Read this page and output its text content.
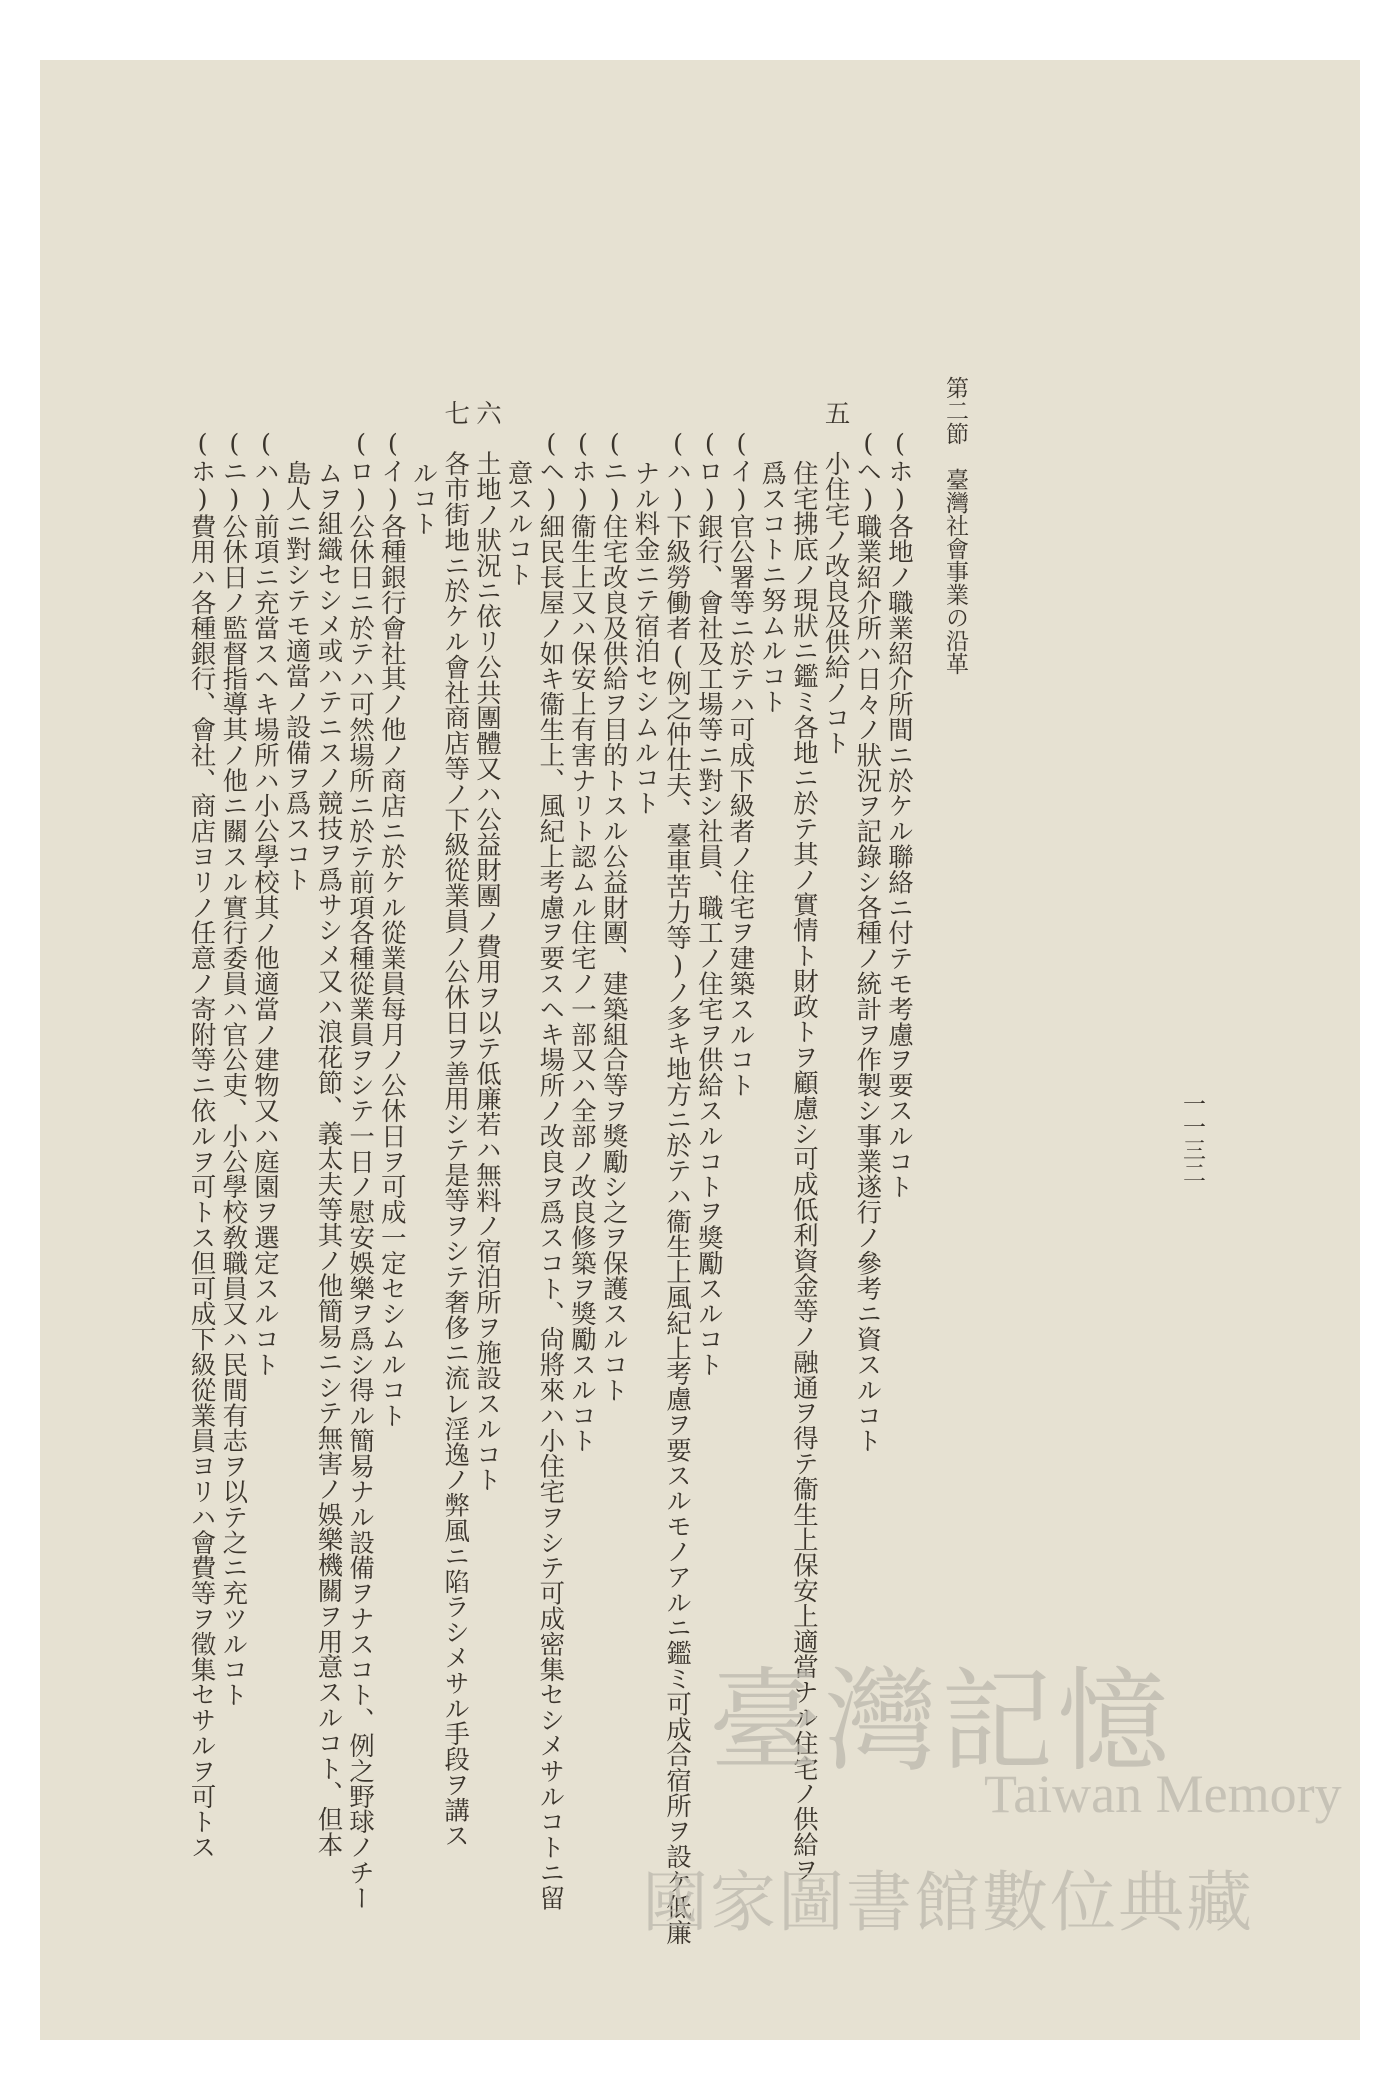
第二節　臺灣社會事業の沿革
一一三二
(ホ)各地ノ職業紹介所間ニ於ケル聯絡ニ付テモ考慮ヲ要スルコト
(ヘ)職業紹介所ハ日々ノ狀況ヲ記錄シ各種ノ統計ヲ作製シ事業遂行ノ參考ニ資スルコト
五　小住宅ノ改良及供給ノコト
住宅拂底ノ現狀ニ鑑ミ各地ニ於テ其ノ實情ト財政トヲ顧慮シ可成低利資金等ノ融通ヲ得テ衞生上保安上適當ナル住宅ノ供給ヲ
爲スコトニ努ムルコト
(イ)官公署等ニ於テハ可成下級者ノ住宅ヲ建築スルコト
(ロ)銀行、會社及工場等ニ對シ社員、職工ノ住宅ヲ供給スルコトヲ獎勵スルコト
(ハ)下級勞働者(例之仲仕夫、臺車苦力等)ノ多キ地方ニ於テハ衞生上風紀上考慮ヲ要スルモノアルニ鑑ミ可成合宿所ヲ設ケ低廉
ナル料金ニテ宿泊セシムルコト
(ニ)住宅改良及供給ヲ目的トスル公益財團、建築組合等ヲ獎勵シ之ヲ保護スルコト
(ホ)衞生上又ハ保安上有害ナリト認ムル住宅ノ一部又ハ全部ノ改良修築ヲ獎勵スルコト
(ヘ)細民長屋ノ如キ衞生上、風紀上考慮ヲ要スヘキ場所ノ改良ヲ爲スコト、尙將來ハ小住宅ヲシテ可成密集セシメサルコトニ留
意スルコト
六　土地ノ狀況ニ依リ公共團體又ハ公益財團ノ費用ヲ以テ低廉若ハ無料ノ宿泊所ヲ施設スルコト
七　各市街地ニ於ケル會社商店等ノ下級從業員ノ公休日ヲ善用シテ是等ヲシテ奢侈ニ流レ淫逸ノ弊風ニ陷ラシメサル手段ヲ講ス
ルコト
(イ)各種銀行會社其ノ他ノ商店ニ於ケル從業員每月ノ公休日ヲ可成一定セシムルコト
(ロ)公休日ニ於テハ可然場所ニ於テ前項各種從業員ヲシテ一日ノ慰安娛樂ヲ爲シ得ル簡易ナル設備ヲナスコト、例之野球ノチー
ムヲ組織セシメ或ハテニスノ競技ヲ爲サシメ又ハ浪花節、義太夫等其ノ他簡易ニシテ無害ノ娛樂機關ヲ用意スルコト、但本
島人ニ對シテモ適當ノ設備ヲ爲スコト
(ハ)前項ニ充當スヘキ場所ハ小公學校其ノ他適當ノ建物又ハ庭園ヲ選定スルコト
(ニ)公休日ノ監督指導其ノ他ニ關スル實行委員ハ官公吏、小公學校敎職員又ハ民間有志ヲ以テ之ニ充ツルコト
(ホ)費用ハ各種銀行、會社、商店ヨリノ任意ノ寄附等ニ依ルヲ可トス但可成下級從業員ヨリハ會費等ヲ徵集セサルヲ可トス	臺灣記憶
Taiwan Memory
國家圖書館數位典藏
